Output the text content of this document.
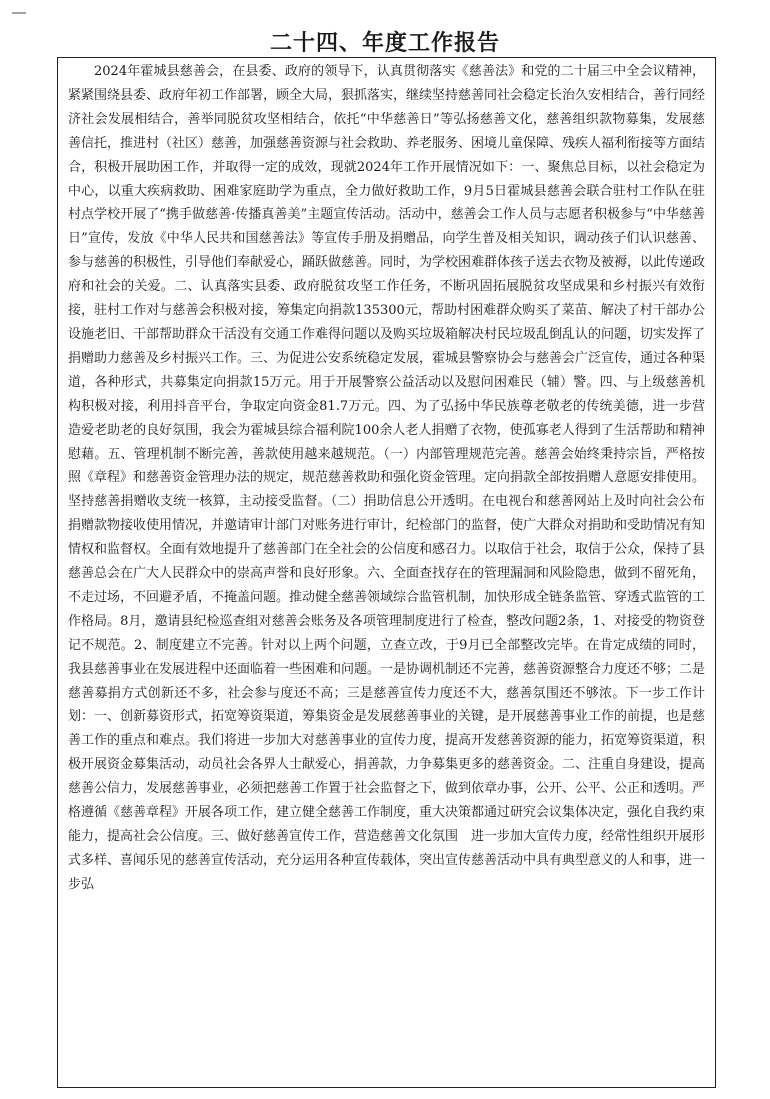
二十四、年度工作报告

2024年霍城县慈善会，在县委、政府的领导下，认真贯彻落实《慈善法》和党的二十届三中全会议精神，紧紧围绕县委、政府年初工作部署，顾全大局，狠抓落实，继续坚持慈善同社会稳定长治久安相结合，善行同经济社会发展相结合，善举同脱贫攻坚相结合，依托“中华慈善日”等弘扬慈善文化，慈善组织款物募集，发展慈善信托，推进村（社区）慈善，加强慈善资源与社会救助、养老服务、困境儿童保障、残疾人福利衔接等方面结合，积极开展助困工作，并取得一定的成效，现就2024年工作开展情况如下：一、聚焦总目标，以社会稳定为中心，以重大疾病救助、困难家庭助学为重点，全力做好救助工作，9月5日霍城县慈善会联合驻村工作队在驻村点学校开展了“携手做慈善·传播真善美”主题宣传活动。活动中，慈善会工作人员与志愿者积极参与“中华慈善日”宣传，发放《中华人民共和国慈善法》等宣传手册及捐赠品，向学生普及相关知识，调动孩子们认识慈善、参与慈善的积极性，引导他们奉献爱心，踊跃做慈善。同时，为学校困难群体孩子送去衣物及被褥，以此传递政府和社会的关爱。二、认真落实县委、政府脱贫攻坚工作任务，不断巩固拓展脱贫攻坚成果和乡村振兴有效衔接，驻村工作对与慈善会积极对接，筹集定向捐款135300元，帮助村困难群众购买了菜苗、解决了村干部办公设施老旧、干部帮助群众干活没有交通工作难得问题以及购买垃圾箱解决村民垃圾乱倒乱认的问题，切实发挥了捐赠助力慈善及乡村振兴工作。三、为促进公安系统稳定发展，霍城县警察协会与慈善会广泛宣传，通过各种渠道，各种形式，共募集定向捐款15万元。用于开展警察公益活动以及慰问困难民（辅）警。四、与上级慈善机构积极对接，利用抖音平台，争取定向资金81.7万元。四、为了弘扬中华民族尊老敬老的传统美德，进一步营造爱老助老的良好氛围，我会为霍城县综合福利院100余人老人捐赠了衣物，使孤寡老人得到了生活帮助和精神慰藉。五、管理机制不断完善，善款使用越来越规范。（一）内部管理规范完善。慈善会始终秉持宗旨，严格按照《章程》和慈善资金管理办法的规定，规范慈善救助和强化资金管理。定向捐款全部按捐赠人意愿安排使用。坚持慈善捐赠收支统一核算，主动接受监督。（二）捐助信息公开透明。在电视台和慈善网站上及时向社会公布捐赠款物接收使用情况，并邀请审计部门对账务进行审计，纪检部门的监督，使广大群众对捐助和受助情况有知情权和监督权。全面有效地提升了慈善部门在全社会的公信度和感召力。以取信于社会，取信于公众，保持了县慈善总会在广大人民群众中的崇高声誉和良好形象。六、全面查找存在的管理漏洞和风险隐患，做到不留死角，不走过场，不回避矛盾，不掩盖问题。推动健全慈善领域综合监管机制，加快形成全链条监管、穿透式监管的工作格局。8月，邀请县纪检巡查组对慈善会账务及各项管理制度进行了检查，整改问题2条，1、对接受的物资登记不规范。2、制度建立不完善。针对以上两个问题，立查立改，于9月已全部整改完毕。在肯定成绩的同时，我县慈善事业在发展进程中还面临着一些困难和问题。一是协调机制还不完善，慈善资源整合力度还不够；二是慈善募捐方式创新还不多，社会参与度还不高；三是慈善宣传力度还不大，慈善氛围还不够浓。下一步工作计划：一、创新募资形式，拓宽筹资渠道，筹集资金是发展慈善事业的关键，是开展慈善事业工作的前提，也是慈善工作的重点和难点。我们将进一步加大对慈善事业的宣传力度，提高开发慈善资源的能力，拓宽筹资渠道，积极开展资金募集活动，动员社会各界人士献爱心，捐善款，力争募集更多的慈善资金。二、注重自身建设，提高慈善公信力，发展慈善事业，必须把慈善工作置于社会监督之下，做到依章办事，公开、公平、公正和透明。严格遵循《慈善章程》开展各项工作，建立健全慈善工作制度，重大决策都通过研究会议集体决定，强化自我约束能力，提高社会公信度。三、做好慈善宣传工作，营造慈善文化氛围　进一步加大宣传力度，经常性组织开展形式多样、喜闻乐见的慈善宣传活动，充分运用各种宣传载体，突出宣传慈善活动中具有典型意义的人和事，进一步弘
